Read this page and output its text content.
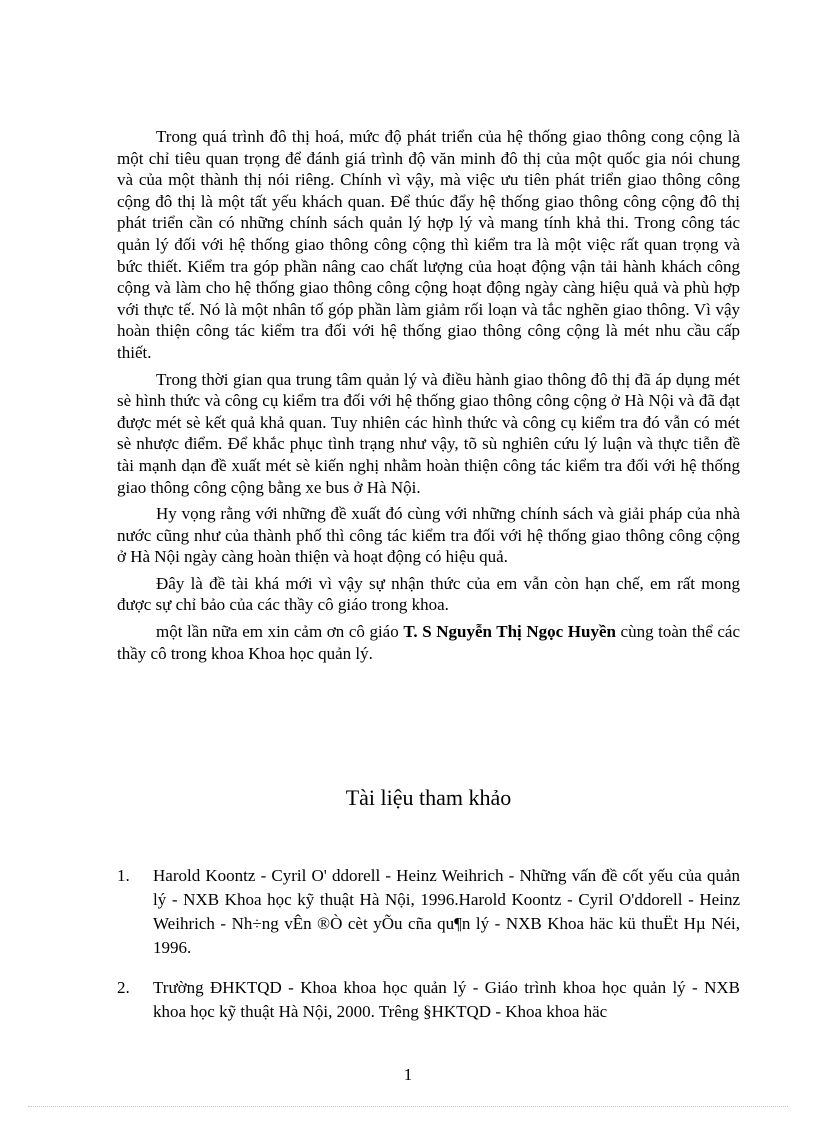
Trong quá trình đô thị hoá, mức độ phát triển của hệ thống giao thông cong cộng là một chỉ tiêu quan trọng để đánh giá trình độ văn minh đô thị của một quốc gia nói chung và của một thành thị nói riêng. Chính vì vậy, mà việc ưu tiên phát triển giao thông công cộng đô thị là một tất yếu khách quan. Để thúc đẩy hệ thống giao thông công cộng đô thị phát triển cần có những chính sách quản lý hợp lý và mang tính khả thi. Trong công tác quản lý đối với hệ thống giao thông công cộng thì kiểm tra là một việc rất quan trọng và bức thiết. Kiểm tra góp phần nâng cao chất lượng của hoạt động vận tải hành khách công cộng và làm cho hệ thống giao thông công cộng hoạt động ngày càng hiệu quả và phù hợp với thực tế. Nó là một nhân tố góp phần làm giảm rối loạn và tắc nghẽn giao thông. Vì vậy hoàn thiện công tác kiểm tra đối với hệ thống giao thông công cộng là mét nhu cầu cấp thiết.

Trong thời gian qua trung tâm quản lý và điều hành giao thông đô thị đã áp dụng mét sè hình thức và công cụ kiểm tra đối với hệ thống giao thông công cộng ở Hà Nội và đã đạt được mét sè kết quả khả quan. Tuy nhiên các hình thức và công cụ kiểm tra đó vẫn có mét sè nhược điểm. Để khắc phục tình trạng như vậy, tõ sù nghiên cứu lý luận và thực tiễn đề tài mạnh dạn đề xuất mét sè kiến nghị nhằm hoàn thiện công tác kiểm tra đối với hệ thống giao thông công cộng bằng xe bus ở Hà Nội.

Hy vọng rằng với những đề xuất đó cùng với những chính sách và giải pháp của nhà nước cũng như của thành phố thì công tác kiểm tra đối với hệ thống giao thông công cộng ở Hà Nội ngày càng hoàn thiện và hoạt động có hiệu quả.

Đây là đề tài khá mới vì vậy sự nhận thức của em vẫn còn hạn chế, em rất mong được sự chỉ bảo của các thầy cô giáo trong khoa.

một lần nữa em xin cảm ơn cô giáo T. S Nguyễn Thị Ngọc Huyền cùng toàn thể các thầy cô trong khoa Khoa học quản lý.

Tài liệu tham khảo
1. Harold Koontz - Cyril O' ddorell - Heinz Weihrich - Những vấn đề cốt yếu của quản lý - NXB Khoa học kỹ thuật Hà Nội, 1996.Harold Koontz - Cyril O'ddorell - Heinz Weihrich - Nh÷ng vÊn ®Ò cèt yÕu cña qu¶n lý - NXB Khoa häc kü thuËt Hµ Néi, 1996.
2. Trường ĐHKTQD - Khoa khoa học quản lý - Giáo trình khoa học quản lý - NXB khoa học kỹ thuật Hà Nội, 2000. Trêng §HKTQD - Khoa khoa häc
1
